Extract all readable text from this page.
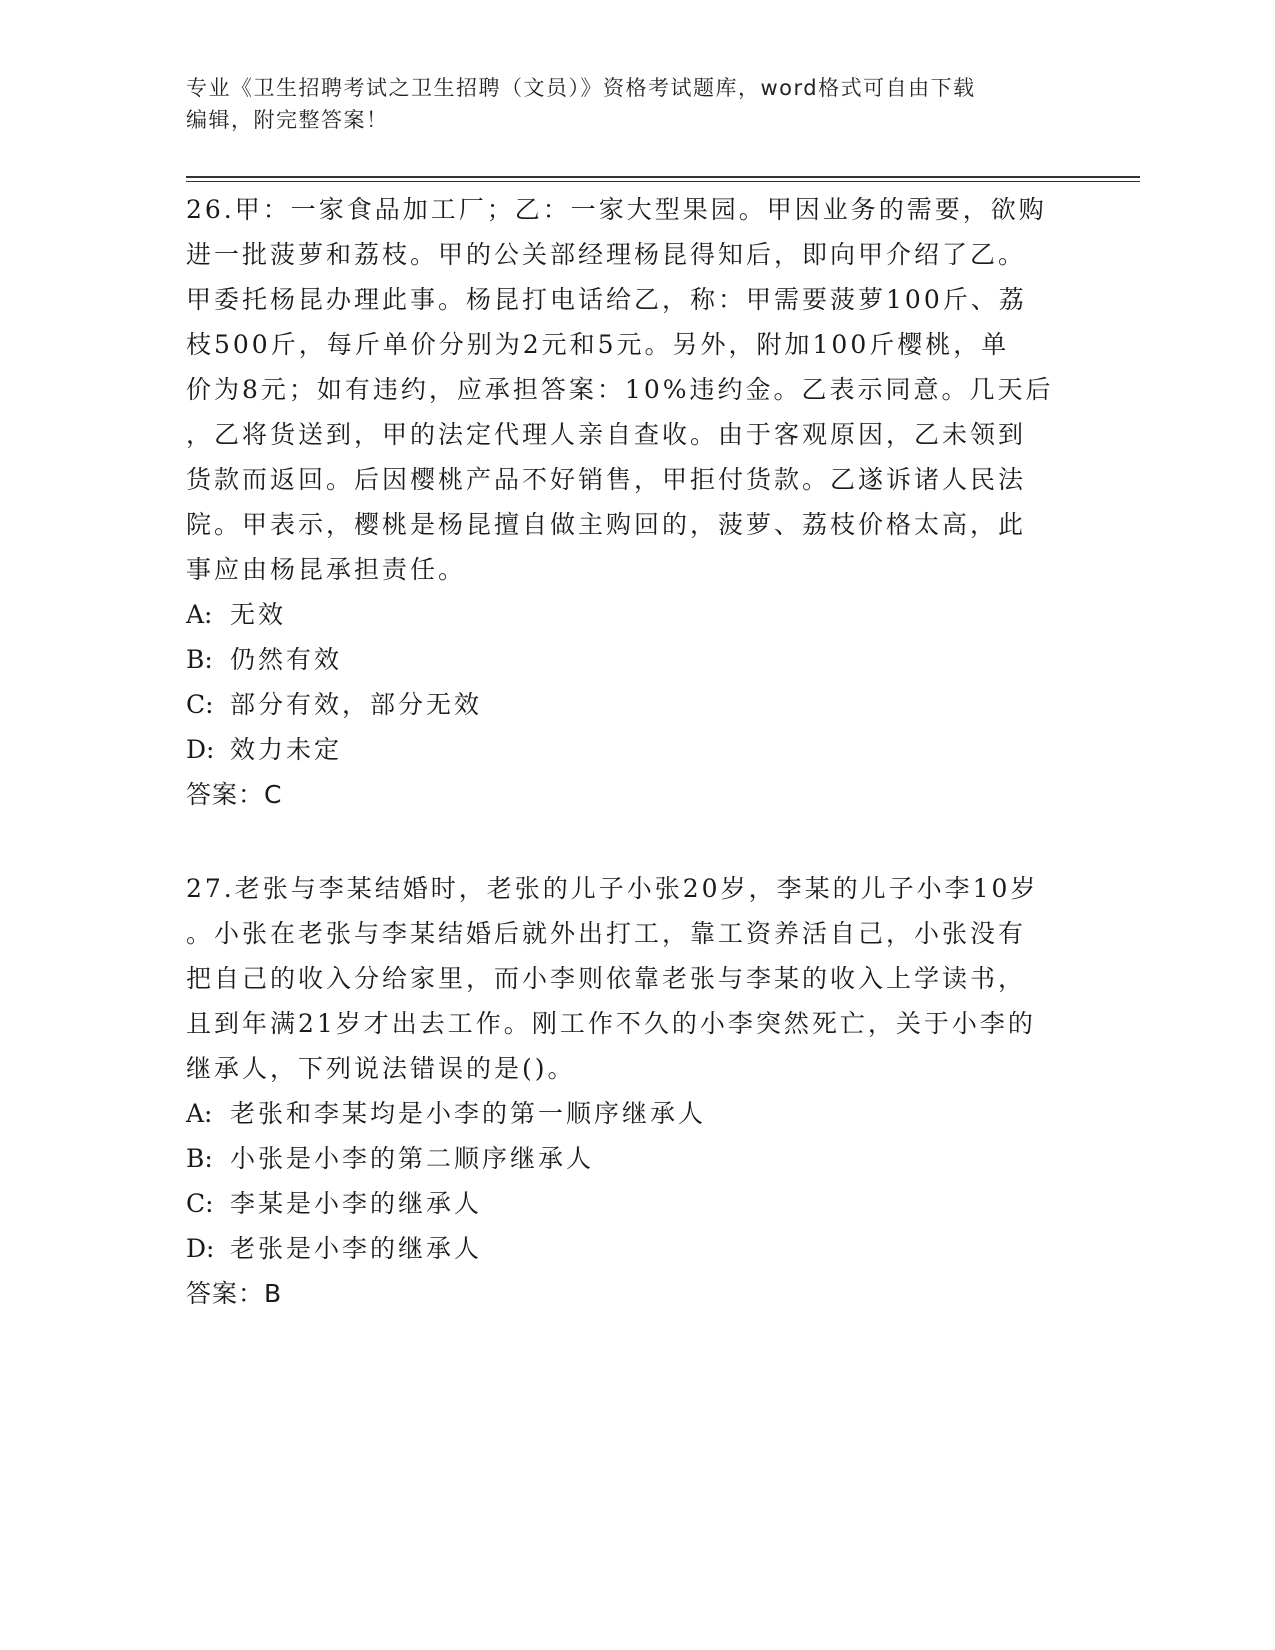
专业《卫生招聘考试之卫生招聘（文员）》资格考试题库，word格式可自由下载
编辑，附完整答案！

26.甲：一家食品加工厂；乙：一家大型果园。甲因业务的需要，欲购

进一批菠萝和荔枝。甲的公关部经理杨昆得知后，即向甲介绍了乙。

甲委托杨昆办理此事。杨昆打电话给乙，称：甲需要菠萝100斤、荔

枝500斤，每斤单价分别为2元和5元。另外，附加100斤樱桃，单

价为8元；如有违约，应承担答案：10%违约金。乙表示同意。几天后

，乙将货送到，甲的法定代理人亲自查收。由于客观原因，乙未领到

货款而返回。后因樱桃产品不好销售，甲拒付货款。乙遂诉诸人民法

院。甲表示，樱桃是杨昆擅自做主购回的，菠萝、荔枝价格太高，此

事应由杨昆承担责任。

A: 无效

B: 仍然有效

C: 部分有效，部分无效

D: 效力未定

答案：C

27.老张与李某结婚时，老张的儿子小张20岁，李某的儿子小李10岁

。小张在老张与李某结婚后就外出打工，靠工资养活自己，小张没有

把自己的收入分给家里，而小李则依靠老张与李某的收入上学读书，

且到年满21岁才出去工作。刚工作不久的小李突然死亡，关于小李的

继承人，下列说法错误的是()。

A: 老张和李某均是小李的第一顺序继承人

B: 小张是小李的第二顺序继承人

C: 李某是小李的继承人

D: 老张是小李的继承人

答案：B
